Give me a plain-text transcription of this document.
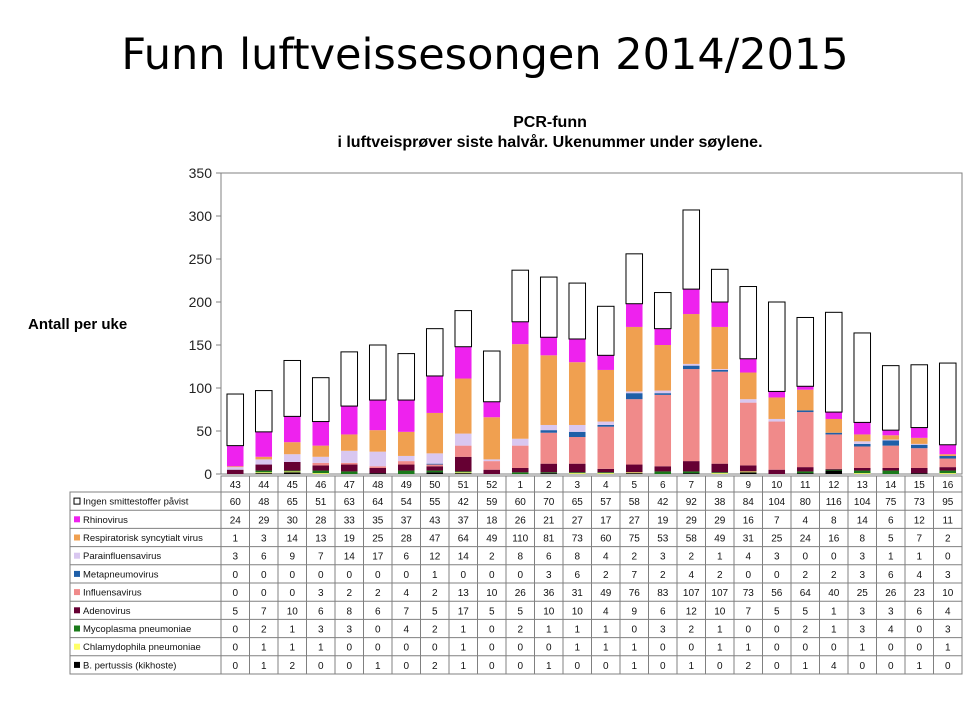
Funn luftveissesongen 2014/2015
PCR-funn
i luftveisprøver siste halvår. Ukenummer under søylene.
Antall per uke
0
50
100
150
200
250
300
350
43 44 45 46 47 48 49 50 51 52 1 2 3 4 5 6 7 8 9 10 11 12 13 14 15 16
Ingen smittestoffer påvist	60 48 65 51 63 64 54 55 42 59 60 70 65 57 58 42 92 38 84 104 80 116 104 75 73 95
Rhinovirus	24 29 30 28 33 35 37 43 37 18 26 21 27 17 27 19 29 29 16 7 4 8 14 6 12 11
Respiratorisk syncytialt virus	1 3 14 13 19 25 28 47 64 49 110 81 73 60 75 53 58 49 31 25 24 16 8 5 7 2
Parainfluensavirus	3 6 9 7 14 17 6 12 14 2 8 6 8 4 2 3 2 1 4 3 0 0 3 1 1 0
Metapneumovirus	0 0 0 0 0 0 0 1 0 0 0 3 6 2 7 2 4 2 0 0 2 2 3 6 4 3
Influensavirus	0 0 0 3 2 2 4 2 13 10 26 36 31 49 76 83 107 107 73 56 64 40 25 26 23 10
Adenovirus	5 7 10 6 8 6 7 5 17 5 5 10 10 4 9 6 12 10 7 5 5 1 3 3 6 4
Mycoplasma pneumoniae	0 2 1 3 3 0 4 2 1 0 2 1 1 1 0 3 2 1 0 0 2 1 3 4 0 3
Chlamydophila pneumoniae	0 1 1 1 0 0 0 0 1 0 0 0 1 1 1 0 0 1 1 0 0 0 1 0 0 1
B. pertussis (kikhoste)	0 1 2 0 0 1 0 2 1 0 0 1 0 0 1 0 1 0 2 0 1 4 0 0 1 0
